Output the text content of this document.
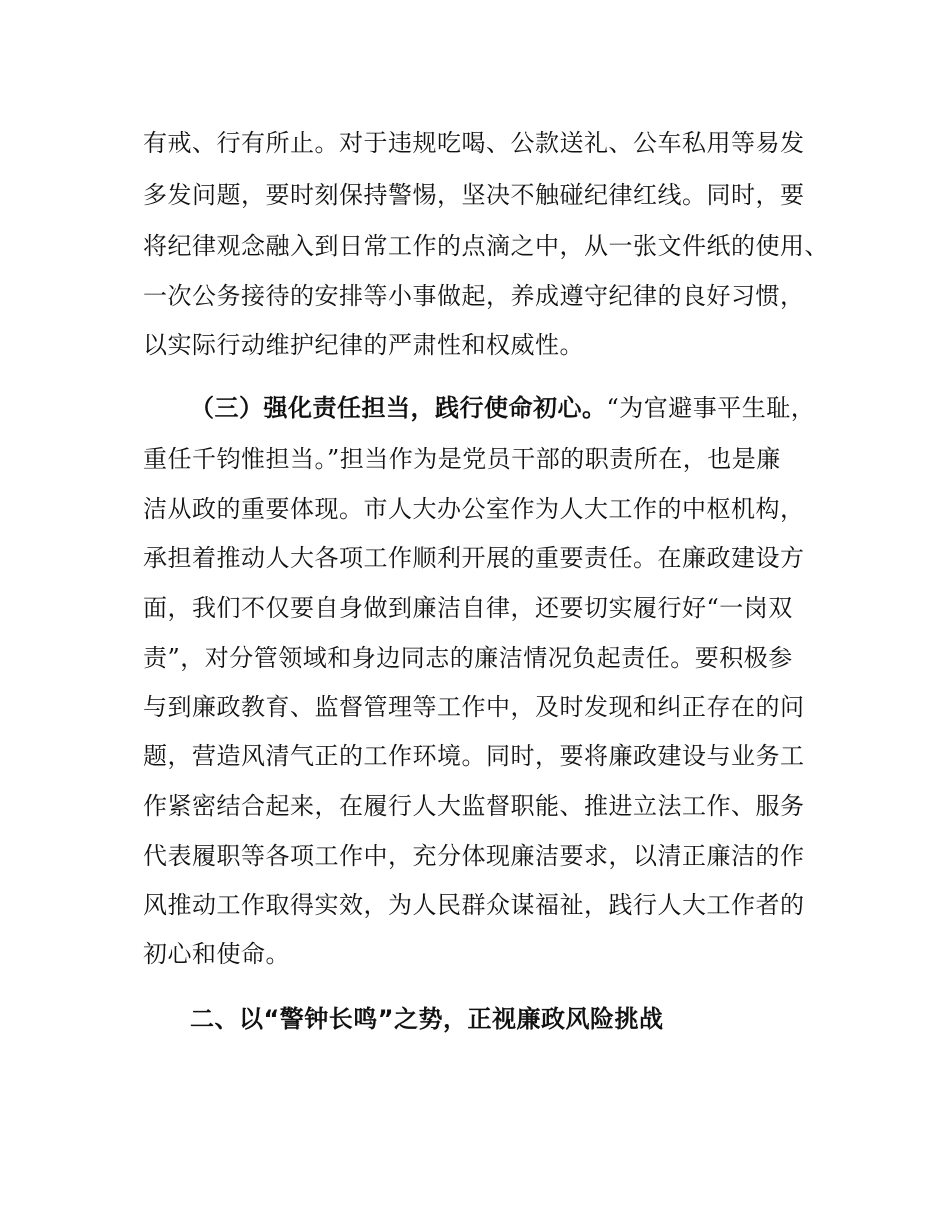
有戒、行有所止。对于违规吃喝、公款送礼、公车私用等易发
多发问题，要时刻保持警惕，坚决不触碰纪律红线。同时，要
将纪律观念融入到日常工作的点滴之中，从一张文件纸的使用、
一次公务接待的安排等小事做起，养成遵守纪律的良好习惯，
以实际行动维护纪律的严肃性和权威性。
（三）强化责任担当，践行使命初心。“为官避事平生耻，
重任千钧惟担当。”担当作为是党员干部的职责所在，也是廉
洁从政的重要体现。市人大办公室作为人大工作的中枢机构，
承担着推动人大各项工作顺利开展的重要责任。在廉政建设方
面，我们不仅要自身做到廉洁自律，还要切实履行好“一岗双
责”，对分管领域和身边同志的廉洁情况负起责任。要积极参
与到廉政教育、监督管理等工作中，及时发现和纠正存在的问
题，营造风清气正的工作环境。同时，要将廉政建设与业务工
作紧密结合起来，在履行人大监督职能、推进立法工作、服务
代表履职等各项工作中，充分体现廉洁要求，以清正廉洁的作
风推动工作取得实效，为人民群众谋福祉，践行人大工作者的
初心和使命。
二、以“警钟长鸣”之势，正视廉政风险挑战
